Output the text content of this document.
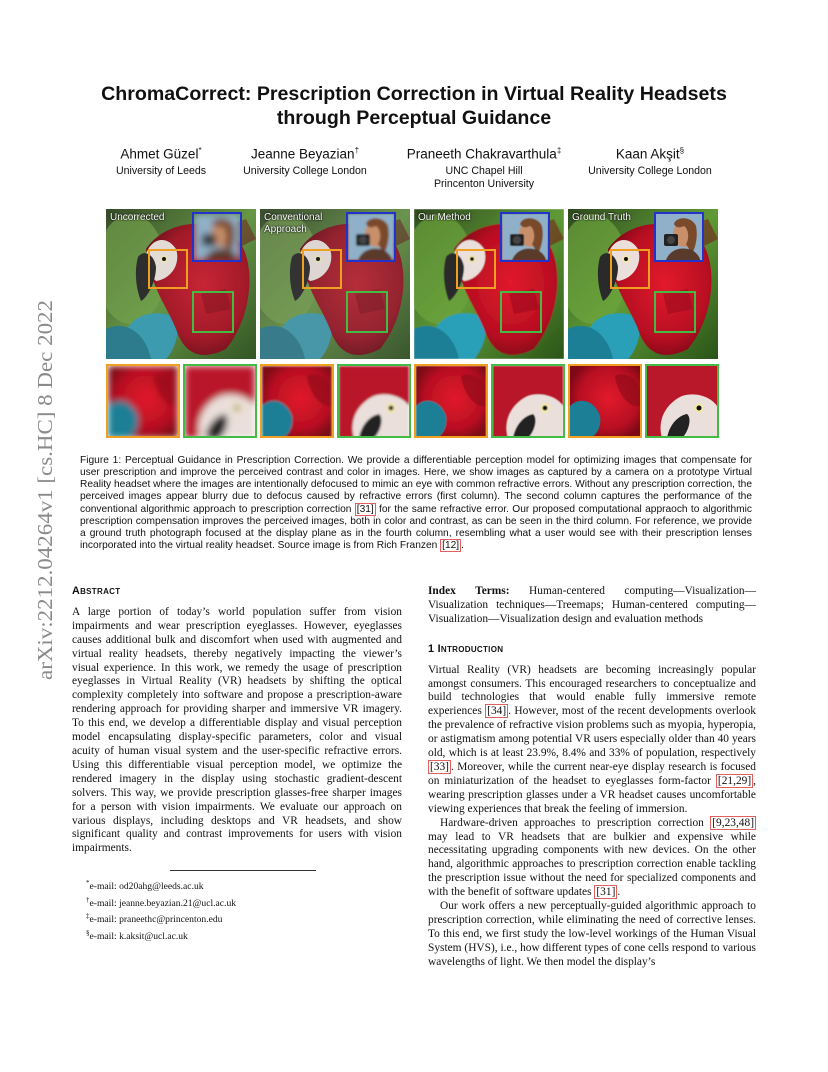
arXiv:2212.04264v1 [cs.HC] 8 Dec 2022
ChromaCorrect: Prescription Correction in Virtual Reality Headsets through Perceptual Guidance
Ahmet Güzel*
University of Leeds
Jeanne Beyazian†
University College London
Praneeth Chakravarthula‡
UNC Chapel Hill
Princenton University
Kaan Akşit§
University College London
Uncorrected	Conventional Approach
Our Method	Ground Truth

Figure 1: Perceptual Guidance in Prescription Correction. We provide a differentiable perception model for optimizing images that compensate for user prescription and improve the perceived contrast and color in images. Here, we show images as captured by a camera on a prototype Virtual Reality headset where the images are intentionally defocused to mimic an eye with common refractive errors. Without any prescription correction, the perceived images appear blurry due to defocus caused by refractive errors (first column). The second column captures the performance of the conventional algorithmic approach to prescription correction [31] for the same refractive error. Our proposed computational appraoch to algorithmic prescription compensation improves the perceived images, both in color and contrast, as can be seen in the third column. For reference, we provide a ground truth photograph focused at the display plane as in the fourth column, resembling what a user would see with their prescription lenses incorporated into the virtual reality headset. Source image is from Rich Franzen [12] .

Abstract

A large portion of today’s world population suffer from vision impairments and wear prescription eyeglasses. However, eyeglasses causes additional bulk and discomfort when used with augmented and virtual reality headsets, thereby negatively impacting the viewer’s visual experience. In this work, we remedy the usage of prescription eyeglasses in Virtual Reality (VR) headsets by shifting the optical complexity completely into software and propose a prescription-aware rendering approach for providing sharper and immersive VR imagery. To this end, we develop a differentiable display and visual perception model encapsulating display-specific parameters, color and visual acuity of human visual system and the user-specific refractive errors. Using this differentiable visual perception model, we optimize the rendered imagery in the display using stochastic gradient-descent solvers. This way, we provide prescription glasses-free sharper images for a person with vision impairments. We evaluate our approach on various displays, including desktops and VR headsets, and show significant quality and contrast improvements for users with vision impairments.

*e-mail: od20ahg@leeds.ac.uk
†e-mail: jeanne.beyazian.21@ucl.ac.uk
‡e-mail: praneethc@princenton.edu
§e-mail: k.aksit@ucl.ac.uk

Index Terms: Human-centered computing—Visualization—Visualization techniques—Treemaps; Human-centered computing—Visualization—Visualization design and evaluation methods

1 Introduction

Virtual Reality (VR) headsets are becoming increasingly popular amongst consumers. This encouraged researchers to conceptualize and build technologies that would enable fully immersive remote experiences [34] . However, most of the recent developments overlook the prevalence of refractive vision problems such as myopia, hyperopia, or astigmatism among potential VR users especially older than 40 years old, which is at least 23.9%, 8.4% and 33% of population, respectively [33] . Moreover, while the current near-eye display research is focused on miniaturization of the headset to eyeglasses form-factor [21,29] , wearing prescription glasses under a VR headset causes uncomfortable viewing experiences that break the feeling of immersion.

Hardware-driven approaches to prescription correction [9,23,48] may lead to VR headsets that are bulkier and expensive while necessitating upgrading components with new devices. On the other hand, algorithmic approaches to prescription correction enable tackling the prescription issue without the need for specialized components and with the benefit of software updates [31] .

Our work offers a new perceptually-guided algorithmic approach to prescription correction, while eliminating the need of corrective lenses. To this end, we first study the low-level workings of the Human Visual System (HVS), i.e., how different types of cone cells respond to various wavelengths of light. We then model the display’s
